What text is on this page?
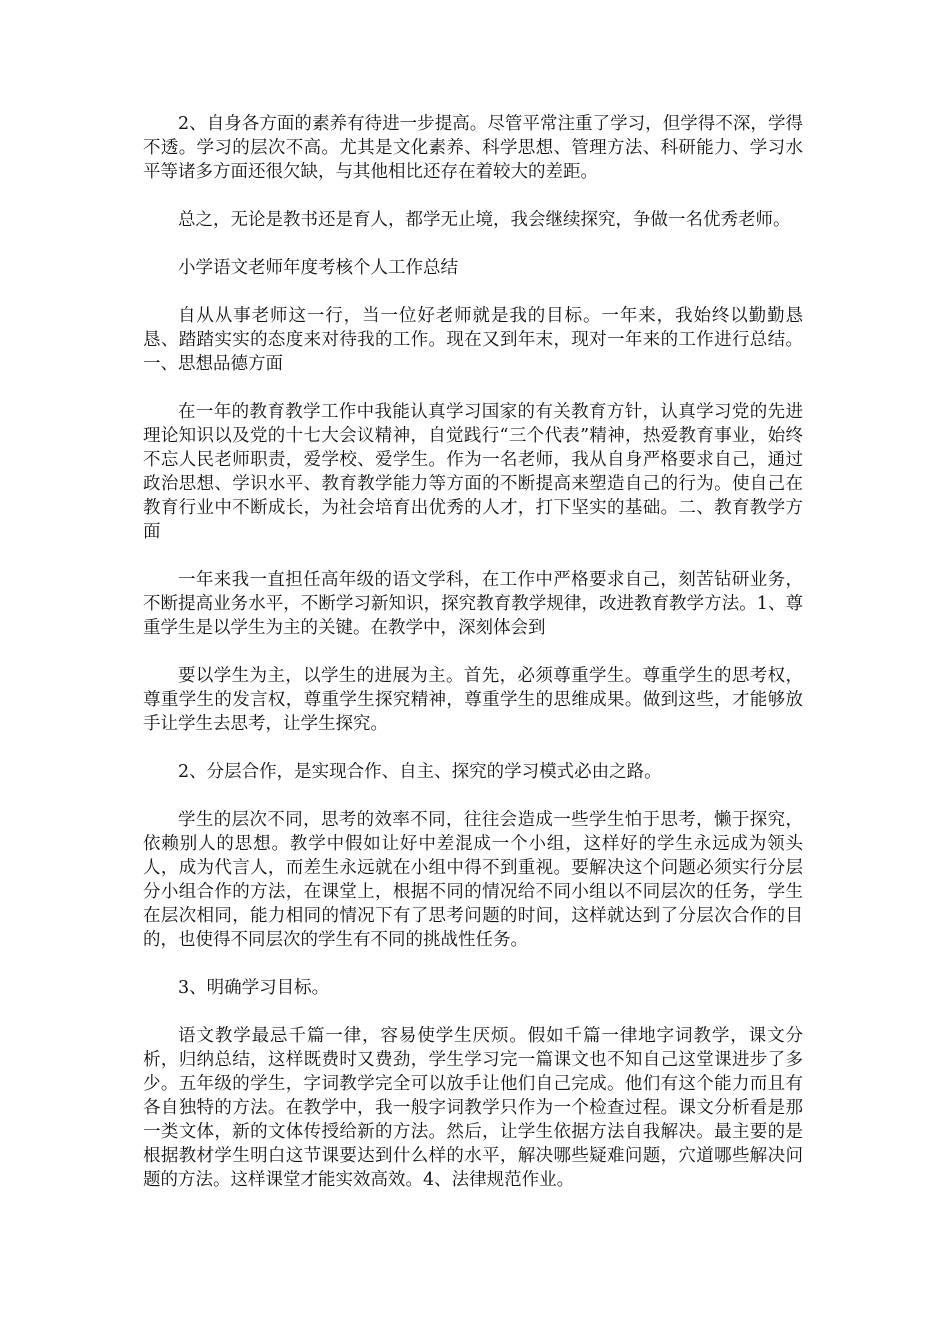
2、自身各方面的素养有待进一步提高。尽管平常注重了学习，但学得不深，学得不透。学习的层次不高。尤其是文化素养、科学思想、管理方法、科研能力、学习水平等诸多方面还很欠缺，与其他相比还存在着较大的差距。

总之，无论是教书还是育人，都学无止境，我会继续探究，争做一名优秀老师。

小学语文老师年度考核个人工作总结

自从从事老师这一行，当一位好老师就是我的目标。一年来，我始终以勤勤恳恳、踏踏实实的态度来对待我的工作。现在又到年末，现对一年来的工作进行总结。一、思想品德方面

在一年的教育教学工作中我能认真学习国家的有关教育方针，认真学习党的先进理论知识以及党的十七大会议精神，自觉践行“三个代表”精神，热爱教育事业，始终不忘人民老师职责，爱学校、爱学生。作为一名老师，我从自身严格要求自己，通过政治思想、学识水平、教育教学能力等方面的不断提高来塑造自己的行为。使自己在教育行业中不断成长，为社会培育出优秀的人才，打下坚实的基础。二、教育教学方面

一年来我一直担任高年级的语文学科，在工作中严格要求自己，刻苦钻研业务，不断提高业务水平，不断学习新知识，探究教育教学规律，改进教育教学方法。1、尊重学生是以学生为主的关键。在教学中，深刻体会到

要以学生为主，以学生的进展为主。首先，必须尊重学生。尊重学生的思考权，尊重学生的发言权，尊重学生探究精神，尊重学生的思维成果。做到这些，才能够放手让学生去思考，让学生探究。

2、分层合作，是实现合作、自主、探究的学习模式必由之路。

学生的层次不同，思考的效率不同，往往会造成一些学生怕于思考，懒于探究，依赖别人的思想。教学中假如让好中差混成一个小组，这样好的学生永远成为领头人，成为代言人，而差生永远就在小组中得不到重视。要解决这个问题必须实行分层分小组合作的方法，在课堂上，根据不同的情况给不同小组以不同层次的任务，学生在层次相同，能力相同的情况下有了思考问题的时间，这样就达到了分层次合作的目的，也使得不同层次的学生有不同的挑战性任务。

3、明确学习目标。

语文教学最忌千篇一律，容易使学生厌烦。假如千篇一律地字词教学，课文分析，归纳总结，这样既费时又费劲，学生学习完一篇课文也不知自己这堂课进步了多少。五年级的学生，字词教学完全可以放手让他们自己完成。他们有这个能力而且有各自独特的方法。在教学中，我一般字词教学只作为一个检查过程。课文分析看是那一类文体，新的文体传授给新的方法。然后，让学生依据方法自我解决。最主要的是根据教材学生明白这节课要达到什么样的水平，解决哪些疑难问题，穴道哪些解决问题的方法。这样课堂才能实效高效。4、法律规范作业。
